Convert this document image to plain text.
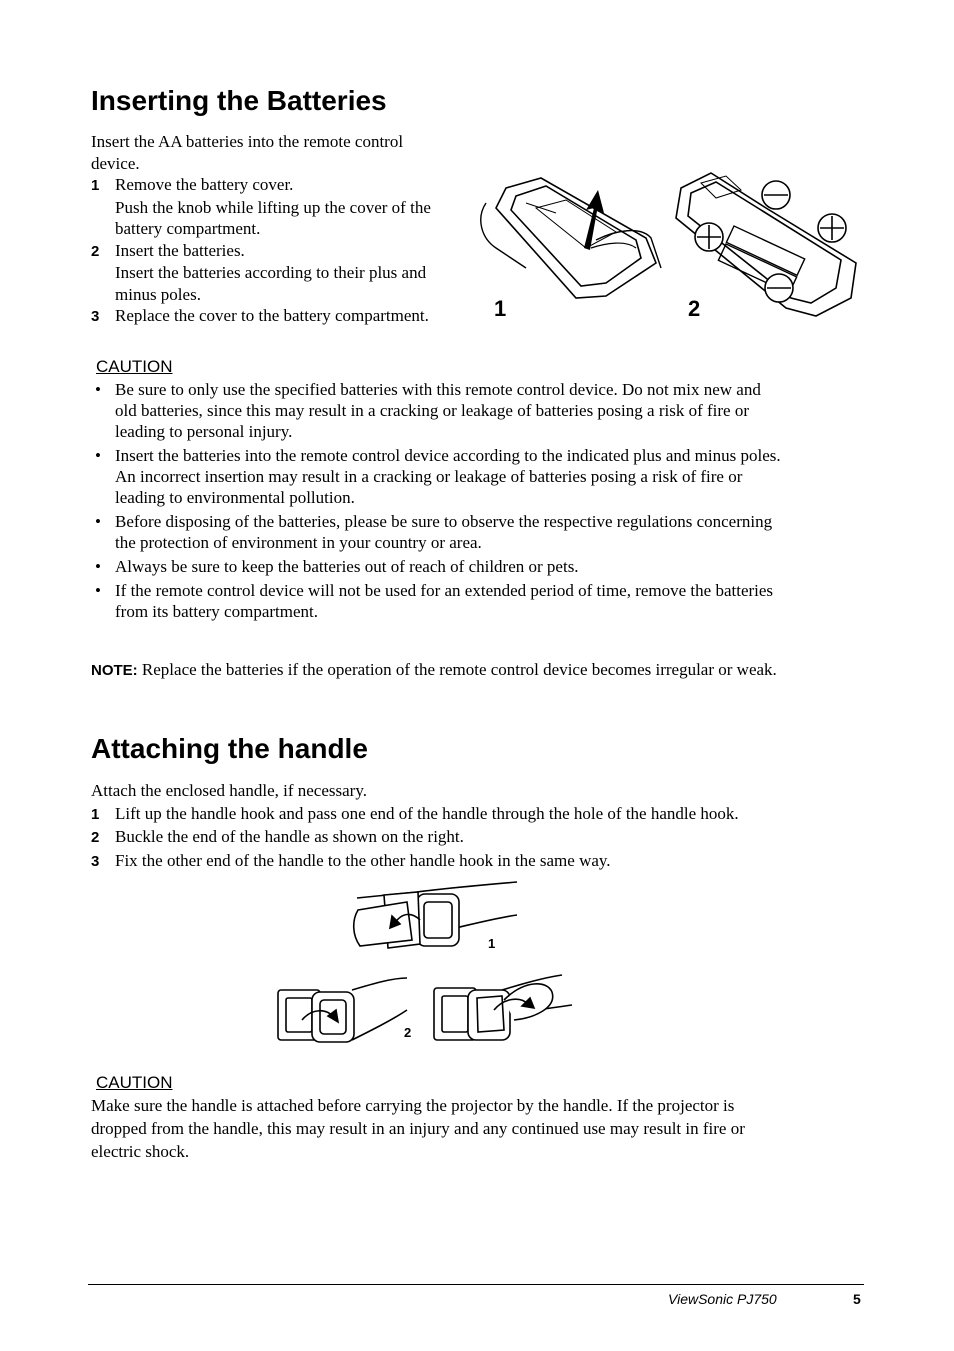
Inserting the Batteries
Insert the AA batteries into the remote control
device.
1 Remove the battery cover.
Push the knob while lifting up the cover of the
battery compartment.
2 Insert the batteries.
Insert the batteries according to their plus and
minus poles.
3 Replace the cover to the battery compartment.	1	2
CAUTION
• Be sure to only use the specified batteries with this remote control device. Do not mix new and
old batteries, since this may result in a cracking or leakage of batteries posing a risk of fire or
leading to personal injury.
• Insert the batteries into the remote control device according to the indicated plus and minus poles.
An incorrect insertion may result in a cracking or leakage of batteries posing a risk of fire or
leading to environmental pollution.
• Before disposing of the batteries, please be sure to observe the respective regulations concerning
the protection of environment in your country or area.
• Always be sure to keep the batteries out of reach of children or pets.
• If the remote control device will not be used for an extended period of time, remove the batteries
from its battery compartment.
NOTE: Replace the batteries if the operation of the remote control device becomes irregular or weak.
Attaching the handle
Attach the enclosed handle, if necessary.
1 Lift up the handle hook and pass one end of the handle through the hole of the handle hook.
2 Buckle the end of the handle as shown on the right.
3 Fix the other end of the handle to the other handle hook in the same way.
1
2
CAUTION
Make sure the handle is attached before carrying the projector by the handle. If the projector is
dropped from the handle, this may result in an injury and any continued use may result in fire or
electric shock.
ViewSonic PJ750	5
